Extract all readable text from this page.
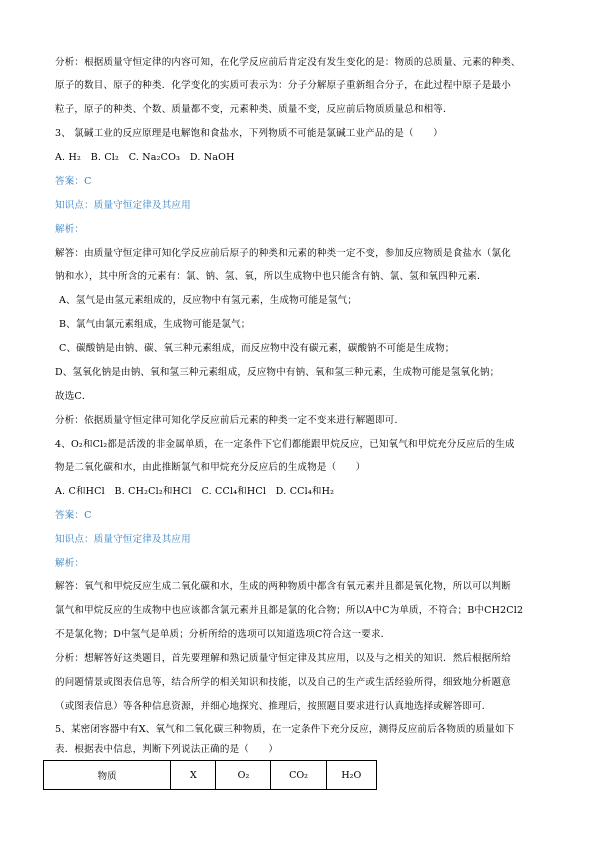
分析：根据质量守恒定律的内容可知，在化学反应前后肯定没有发生变化的是：物质的总质量、元素的种类、
原子的数目、原子的种类．化学变化的实质可表示为：分子分解原子重新组合分子，在此过程中原子是最小
粒子，原子的种类、个数、质量都不变，元素种类、质量不变，反应前后物质质量总和相等．
3、 氯碱工业的反应原理是电解饱和食盐水，下列物质不可能是氯碱工业产品的是（　　）
A. H₂　B. Cl₂　C. Na₂CO₃　D. NaOH
答案：C
知识点：质量守恒定律及其应用
解析：
解答：由质量守恒定律可知化学反应前后原子的种类和元素的种类一定不变，参加反应物质是食盐水（氯化
钠和水），其中所含的元素有：氯、钠、氢、氧，所以生成物中也只能含有钠、氯、氢和氧四种元素．
A、氢气是由氢元素组成的，反应物中有氢元素，生成物可能是氢气；
B、氯气由氯元素组成，生成物可能是氯气；
C、碳酸钠是由钠、碳、氧三种元素组成，而反应物中没有碳元素，碳酸钠不可能是生成物；
D、氢氧化钠是由钠、氧和氢三种元素组成，反应物中有钠、氧和氢三种元素，生成物可能是氢氧化钠；
故选C．
分析：依据质量守恒定律可知化学反应前后元素的种类一定不变来进行解题即可．
4、O₂和Cl₂都是活泼的非金属单质，在一定条件下它们都能跟甲烷反应，已知氧气和甲烷充分反应后的生成
物是二氧化碳和水，由此推断氯气和甲烷充分反应后的生成物是（　　）
A. C和HCl　B. CH₂Cl₂和HCl　C. CCl₄和HCl　D. CCl₄和H₂
答案：C
知识点：质量守恒定律及其应用
解析：
解答：氧气和甲烷反应生成二氧化碳和水，生成的两种物质中都含有氧元素并且都是氧化物，所以可以判断
氯气和甲烷反应的生成物中也应该都含氯元素并且都是氯的化合物；所以A中C为单质，不符合；B中CH2Cl2
不是氯化物；D中氢气是单质；分析所给的选项可以知道选项C符合这一要求．
分析：想解答好这类题目，首先要理解和熟记质量守恒定律及其应用，以及与之相关的知识．然后根据所给
的问题情景或图表信息等，结合所学的相关知识和技能，以及自己的生产或生活经验所得，细致地分析题意
（或图表信息）等各种信息资源，并细心地探究、推理后，按照题目要求进行认真地选择或解答即可．
5、某密闭容器中有X、氧气和二氧化碳三种物质，在一定条件下充分反应，测得反应前后各物质的质量如下
表．根据表中信息，判断下列说法正确的是（　　）
物质	X	O₂	CO₂	H₂O
